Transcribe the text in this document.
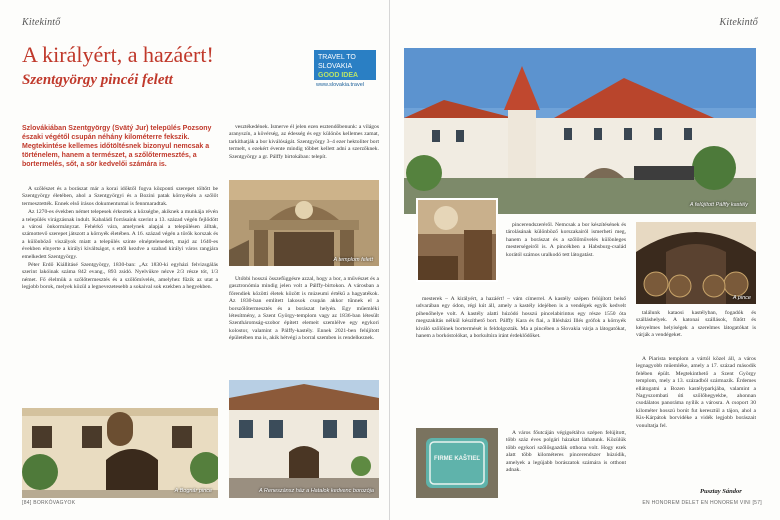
Kitekintő
A királyért, a hazáért!
Szentgyörgy pincéi felett
TRAVEL TO
SLOVAKIA
GOOD IDEA
www.slovakia.travel
Szlovákiában Szentgyörgy (Svätý Jur) település Pozsony északi végétől csupán néhány kilométerre fekszik. Megtekintése kellemes időtöltésnek bizonyul nemcsak a történelem, hanem a természet, a szőlőtermesztés, a bortermelés, sőt, a sör kedvelői számára is.

A szőlészet és a borászat már a korai időktől fogva központi szerepet töltött be Szentgyörgy életében, ahol a Szentgyörgyi és a Bozini patak környékén a szőlőt termesztették. Ennek első írásos dokumentumai is fennmaradtak.

Az 1270-es években német telepesek érkeztek a községbe, akiknek a munkája révén a település virágzásnak indult. Kabaládi forrásaink szerint a 13. század végén fejlődött a városi önkormányzat. Fehérkő vára, amelynek alapjai a településen álltak, számottevő szerepet játszott a környék életében. A 16. század végén a török korszak és a különböző viszályok miatt a település szinte elnéptelenedett, majd az 1640-es években elnyerte a királyi kiváltságot, s ettől kezdve a szabad királyi város rangjára emelkedett Szentgyörgy.

Péter Erdő Kiállításé Szentgyörgy, 1830-ban: „Az 1830-ki egyházi felvizsgálás szerint lakóinak száma 842 evang., 893 zsidó. Nyelvükre nézve 2/3 része tót, 1/3 német. Fő élelmük a szőlőtermesztés és a szőlőmívelés, amelyhez fűzik az utat a legjobb borok, melyek közül a legnevezetesebb a sokaival sok ezekben a hegyekben.

vesztékedének. Ismerve él jelen ezen esztendőbenunk: a világos aranyszín, a kövérség, az édesség és egy különös kellemes zamat, tarkíthatják a bor kiválóságát. Szentgyörgy 3–4 ezer hektoliter bort termelt, s ezekért évente mindig többet kellett adni a szerzőknek. Szentgyörgy a gr. Pálffy birtokában: telepít.

A templom felett

Utóbbi hosszú összefüggésre azzal, hogy a bor, a művészet és a gasztronómia mindig jelen volt a Pálffy-birtokon. A városban a főrendiek közötti életek között is múzeumi értékű a hagyatékok. Az 1830-ban említett lakosok csupán akkor tűnnek el a borszőlőtermesztés és a borászat helyén. Egy műemléki létesítmény, a Szent György-templom vagy az 1836-ban létesült Szentháromság-szobor épített elemeit szemlélve egy egykori kolostor, valamint a Pálffy-kastély. Ennek 2021-ben felújított épületében ma is, akik hétvégi a borral szemben is rendelkeznek.

A Bognár pince	A Reneszánsz ház a Hatalok kedvenc borozója
[84] BORKÓVAGYOK
Kitekintő
A felújított Pálffy kastély

pincerendszeréről. Nemcsak a bor készítésének és tárolásának különböző korszakairól ismerheti meg, hanem a borászat és a szőlőművelés különleges mesterségeiről is. A pincékben a Habsburg-család korától számos uralkodó tett látogatást.

mesterek – A királyért, a hazáért! – vám címerrel. A kastély szépen felújított belső udvarában egy ódon, régi kút áll, amely a kastély idejében is a vendégek egyik kedvelt pihenőhelye volt. A kastély alatti húzódó hosszú pincelabirintus egy része 1550 óta megszakítás nélkül készíthető bort. Pálffy Kara és fiai, a Illésházi Illés grófok a környék kiváló szőlőinek bortermését is feldolgozták. Ma a pincében a Slovakia várja a látogatókat, hanem a borkóstolókat, a borkultúra iránt érdeklődőket.

FIRME KAŠTIEĽ

A város főutcáján végigsétálva szépen felújított, több száz éves polgári házakat láthatunk. Közülük több egykori szőlősgazdák otthona volt. Hogy ezek alatt több kilométeres pincerendszer húzódik, amelyek a legújabb borászatok számára is otthont adnak.

A pince

találunk kataosi kastélyban, fogadók és szálláshelyek. A katonai szállások, fűtött és kényelmes helyiségek a szerelmes látogatókat is várják a vendégeket.

A Piarista templom a vártól közel áll, a város legnagyobb műemléke, amely a 17. század második felében épült. Megtekinthető a Szent György templom, mely a 13. századból származik. Érdemes ellátogatni a Bozen kastélyparkjába, valamint a Nagyszombati úti szőlőhegyekbe, ahonnan csodálatos panoráma nyílik a városra. A csoport 30 kilométer hosszú borút fut keresztül a tájon, ahol a Kis-Kárpátok borvidéke a vidék legjobb borászait vonultatja fel.

EN HONOREM DELET EN HONOREM VINI [57]
Pusztay Sándor
